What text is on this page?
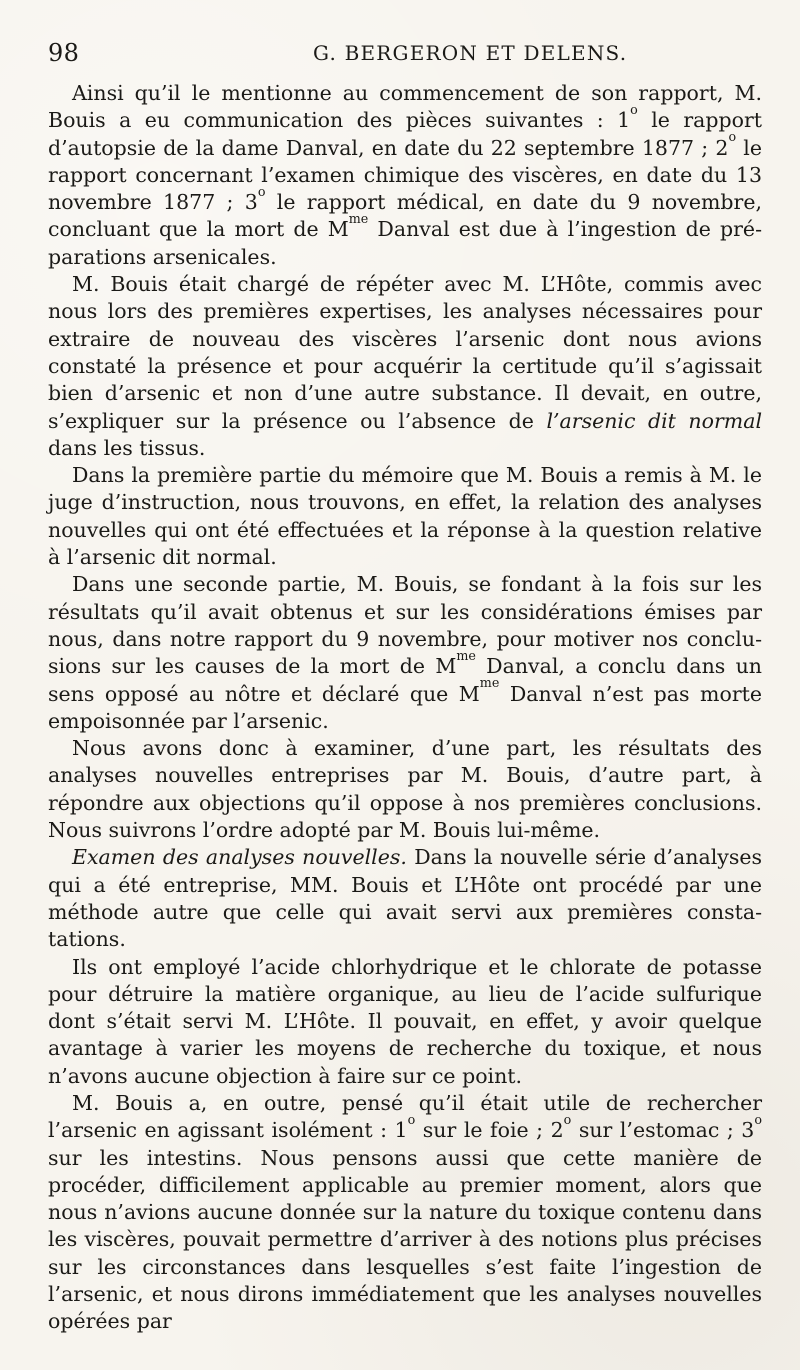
98	G. BERGERON ET DELENS.

Ainsi qu’il le mentionne au commencement de son rapport, M. Bouis a eu communication des pièces suivantes : 1$^o$ le rapport d’autopsie de la dame Danval, en date du 22 septembre 1877 ; 2$^o$ le rapport concernant l’examen chimique des viscères, en date du 13 novembre 1877 ; 3$^o$ le rapport médical, en date du 9 novembre, concluant que la mort de $M^{me}$ Danval est due à l’ingestion de préparations arsenicales.

M. Bouis était chargé de répéter avec M. L’Hôte, commis avec nous lors des premières expertises, les analyses nécessaires pour extraire de nouveau des viscères l’arsenic dont nous avions constaté la présence et pour acquérir la certitude qu’il s’agissait bien d’arsenic et non d’une autre substance. Il devait, en outre, s’expliquer sur la présence ou l’absence de l’arsenic dit normal dans les tissus.

Dans la première partie du mémoire que M. Bouis a remis à M. le juge d’instruction, nous trouvons, en effet, la relation des analyses nouvelles qui ont été effectuées et la réponse à la question relative à l’arsenic dit normal.

Dans une seconde partie, M. Bouis, se fondant à la fois sur les résultats qu’il avait obtenus et sur les considérations émises par nous, dans notre rapport du 9 novembre, pour motiver nos conclusions sur les causes de la mort de $M^{me}$ Danval, a conclu dans un sens opposé au nôtre et déclaré que $M^{me}$ Danval n’est pas morte empoisonnée par l’arsenic.

Nous avons donc à examiner, d’une part, les résultats des analyses nouvelles entreprises par M. Bouis, d’autre part, à répondre aux objections qu’il oppose à nos premières conclusions. Nous suivrons l’ordre adopté par M. Bouis lui-même.

Examen des analyses nouvelles. Dans la nouvelle série d’analyses qui a été entreprise, MM. Bouis et L’Hôte ont procédé par une méthode autre que celle qui avait servi aux premières constatations.

Ils ont employé l’acide chlorhydrique et le chlorate de potasse pour détruire la matière organique, au lieu de l’acide sulfurique dont s’était servi M. L’Hôte. Il pouvait, en effet, y avoir quelque avantage à varier les moyens de recherche du toxique, et nous n’avons aucune objection à faire sur ce point.

M. Bouis a, en outre, pensé qu’il était utile de rechercher l’arsenic en agissant isolément : 1$^o$ sur le foie ; 2$^o$ sur l’estomac ; 3$^o$ sur les intestins. Nous pensons aussi que cette manière de procéder, difficilement applicable au premier moment, alors que nous n’avions aucune donnée sur la nature du toxique contenu dans les viscères, pouvait permettre d’arriver à des notions plus précises sur les circonstances dans lesquelles s’est faite l’ingestion de l’arsenic, et nous dirons immédiatement que les analyses nouvelles opérées par
